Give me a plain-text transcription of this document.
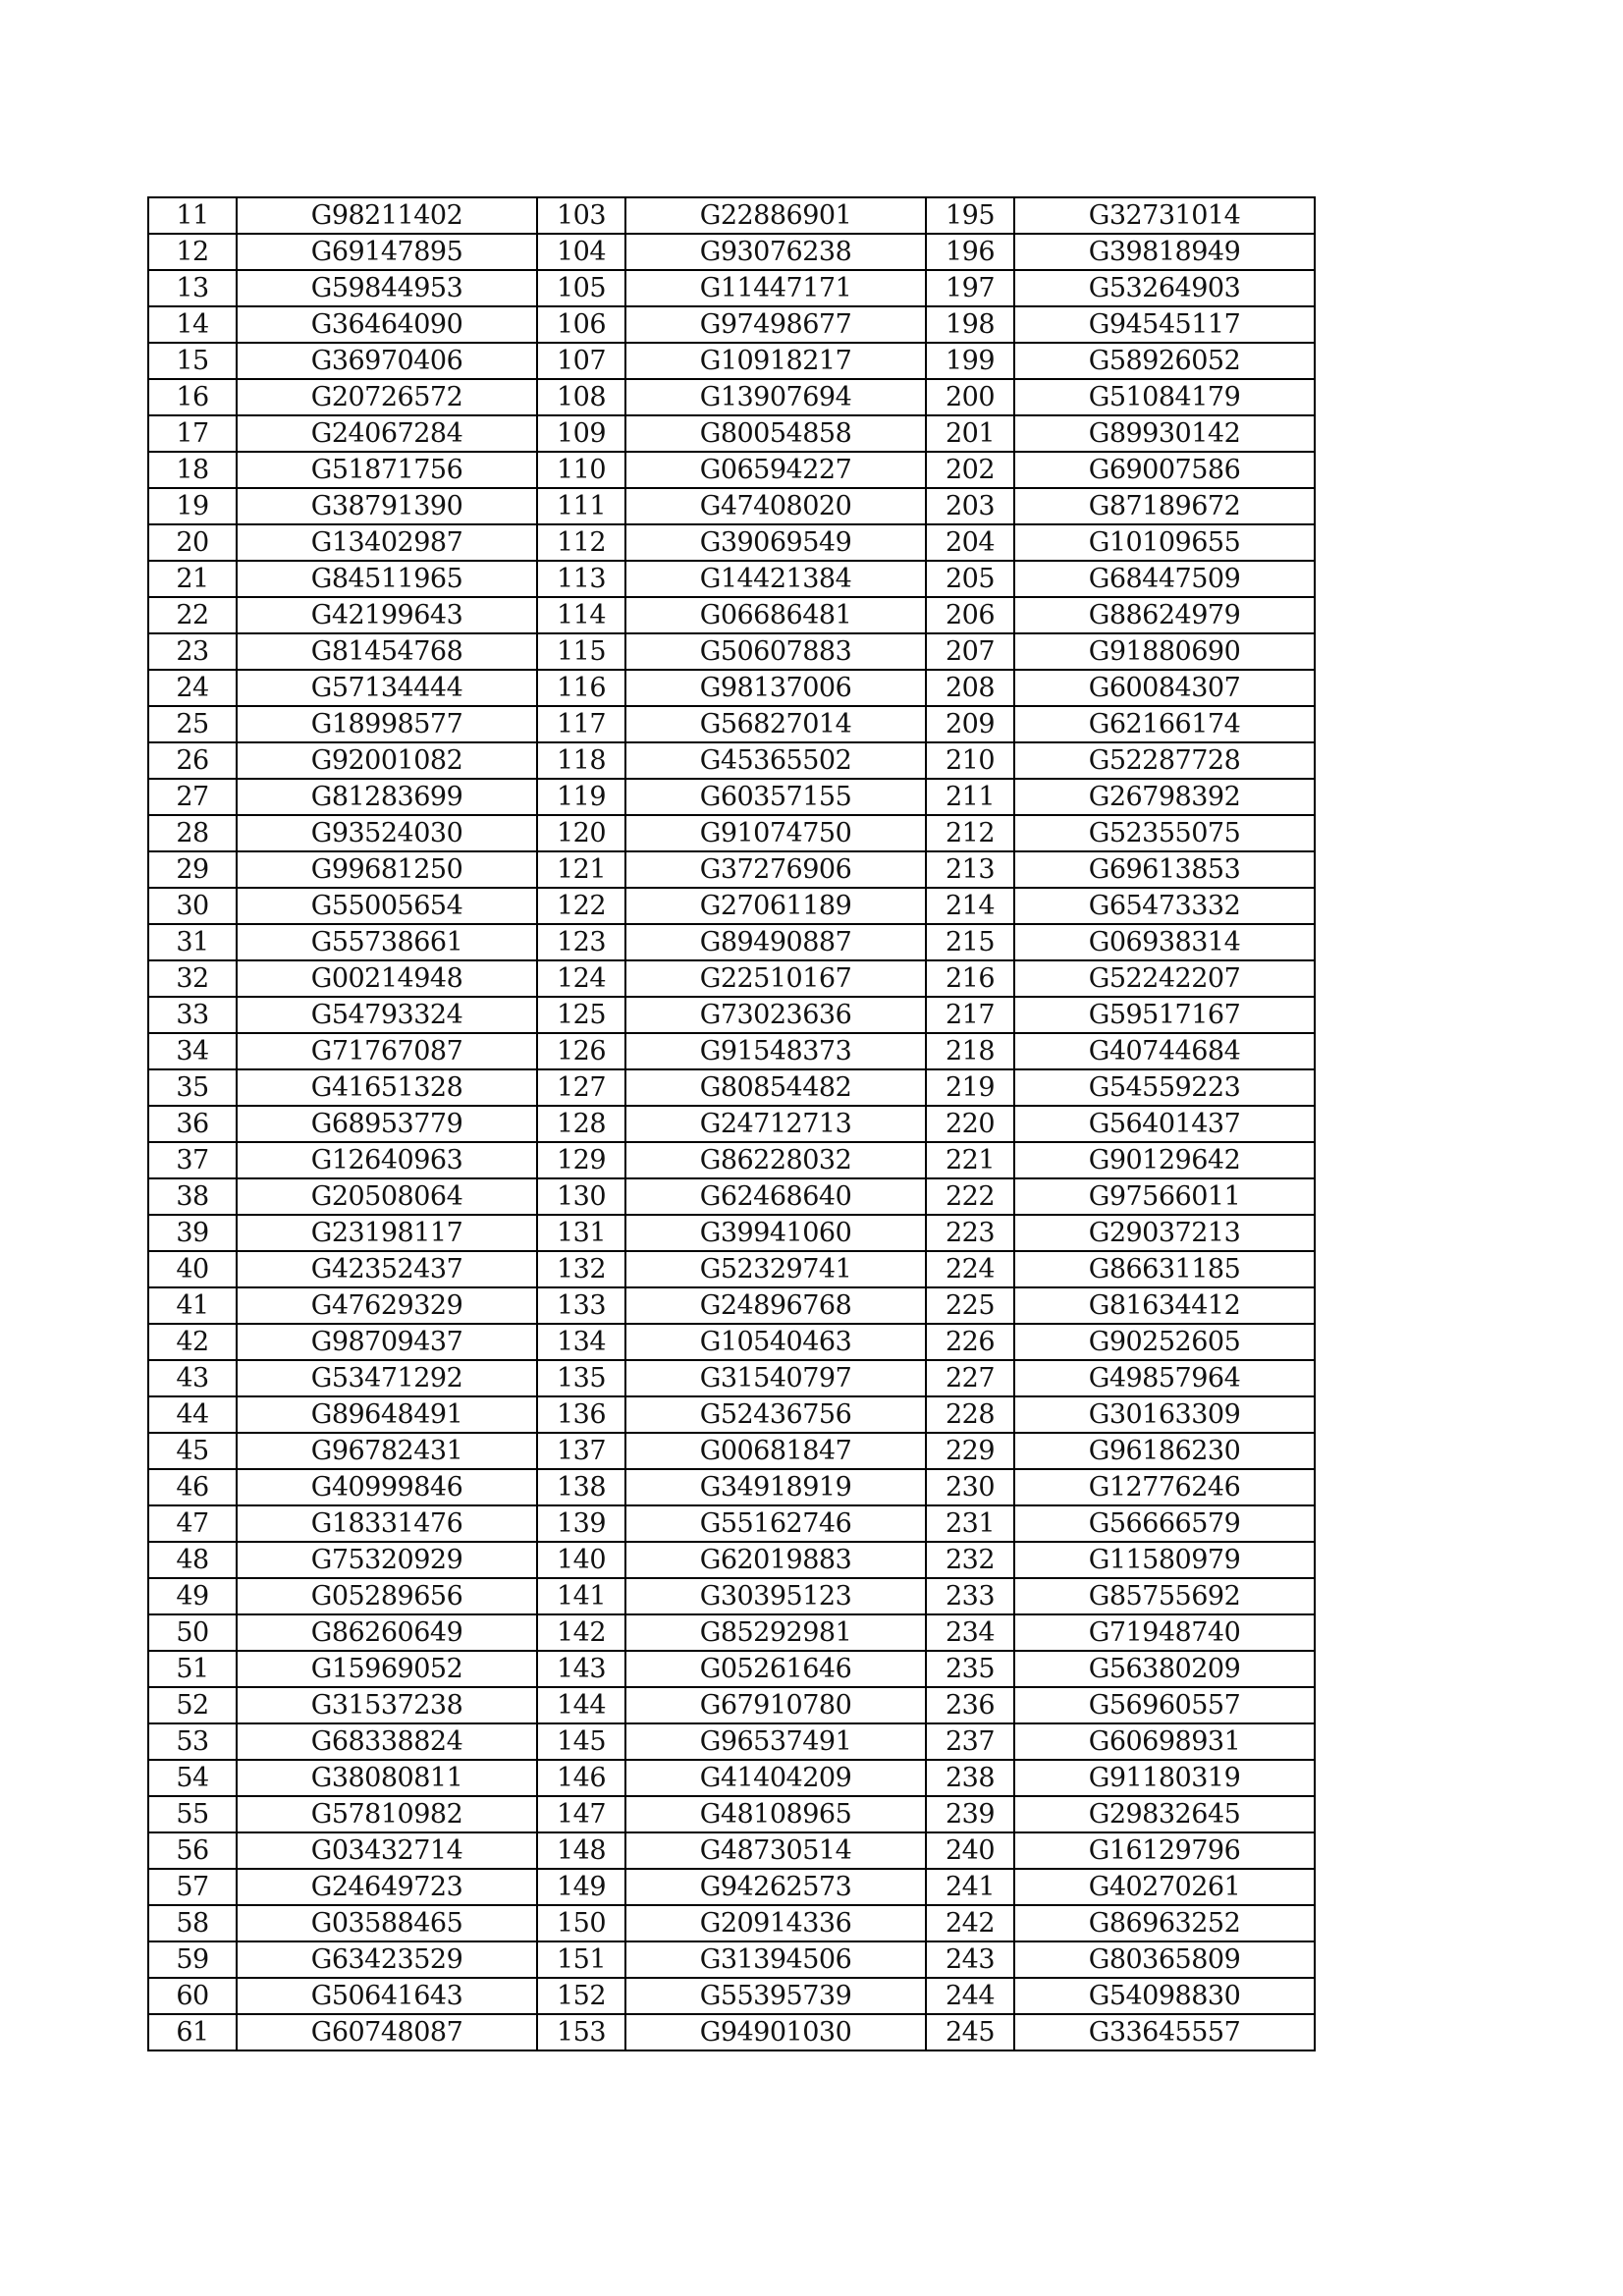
11	G98211402	103	G22886901	195	G32731014
12	G69147895	104	G93076238	196	G39818949
13	G59844953	105	G11447171	197	G53264903
14	G36464090	106	G97498677	198	G94545117
15	G36970406	107	G10918217	199	G58926052
16	G20726572	108	G13907694	200	G51084179
17	G24067284	109	G80054858	201	G89930142
18	G51871756	110	G06594227	202	G69007586
19	G38791390	111	G47408020	203	G87189672
20	G13402987	112	G39069549	204	G10109655
21	G84511965	113	G14421384	205	G68447509
22	G42199643	114	G06686481	206	G88624979
23	G81454768	115	G50607883	207	G91880690
24	G57134444	116	G98137006	208	G60084307
25	G18998577	117	G56827014	209	G62166174
26	G92001082	118	G45365502	210	G52287728
27	G81283699	119	G60357155	211	G26798392
28	G93524030	120	G91074750	212	G52355075
29	G99681250	121	G37276906	213	G69613853
30	G55005654	122	G27061189	214	G65473332
31	G55738661	123	G89490887	215	G06938314
32	G00214948	124	G22510167	216	G52242207
33	G54793324	125	G73023636	217	G59517167
34	G71767087	126	G91548373	218	G40744684
35	G41651328	127	G80854482	219	G54559223
36	G68953779	128	G24712713	220	G56401437
37	G12640963	129	G86228032	221	G90129642
38	G20508064	130	G62468640	222	G97566011
39	G23198117	131	G39941060	223	G29037213
40	G42352437	132	G52329741	224	G86631185
41	G47629329	133	G24896768	225	G81634412
42	G98709437	134	G10540463	226	G90252605
43	G53471292	135	G31540797	227	G49857964
44	G89648491	136	G52436756	228	G30163309
45	G96782431	137	G00681847	229	G96186230
46	G40999846	138	G34918919	230	G12776246
47	G18331476	139	G55162746	231	G56666579
48	G75320929	140	G62019883	232	G11580979
49	G05289656	141	G30395123	233	G85755692
50	G86260649	142	G85292981	234	G71948740
51	G15969052	143	G05261646	235	G56380209
52	G31537238	144	G67910780	236	G56960557
53	G68338824	145	G96537491	237	G60698931
54	G38080811	146	G41404209	238	G91180319
55	G57810982	147	G48108965	239	G29832645
56	G03432714	148	G48730514	240	G16129796
57	G24649723	149	G94262573	241	G40270261
58	G03588465	150	G20914336	242	G86963252
59	G63423529	151	G31394506	243	G80365809
60	G50641643	152	G55395739	244	G54098830
61	G60748087	153	G94901030	245	G33645557
